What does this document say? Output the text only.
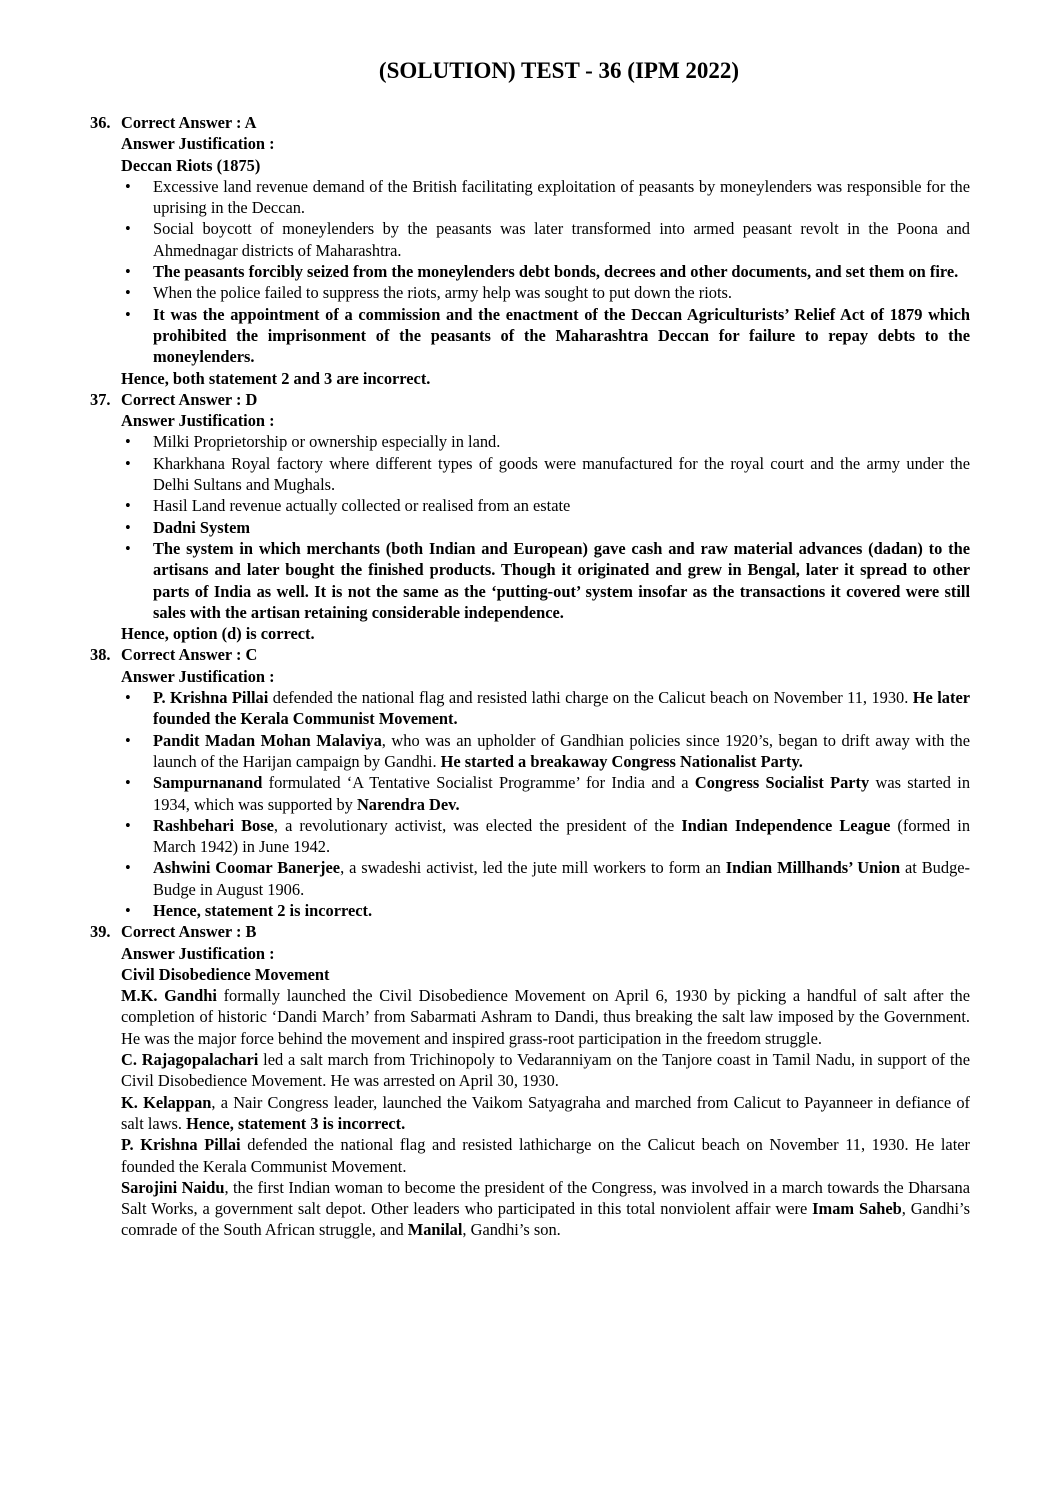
(SOLUTION) TEST - 36 (IPM 2022)
36. Correct Answer : A
Answer Justification :
Deccan Riots (1875)
• Excessive land revenue demand of the British facilitating exploitation of peasants by moneylenders was responsible for the uprising in the Deccan.
• Social boycott of moneylenders by the peasants was later transformed into armed peasant revolt in the Poona and Ahmednagar districts of Maharashtra.
• The peasants forcibly seized from the moneylenders debt bonds, decrees and other documents, and set them on fire.
• When the police failed to suppress the riots, army help was sought to put down the riots.
• It was the appointment of a commission and the enactment of the Deccan Agriculturists’ Relief Act of 1879 which prohibited the imprisonment of the peasants of the Maharashtra Deccan for failure to repay debts to the moneylenders.
Hence, both statement 2 and 3 are incorrect.
37. Correct Answer : D
Answer Justification :
• Milki Proprietorship or ownership especially in land.
• Kharkhana Royal factory where different types of goods were manufactured for the royal court and the army under the Delhi Sultans and Mughals.
• Hasil Land revenue actually collected or realised from an estate
• Dadni System
• The system in which merchants (both Indian and European) gave cash and raw material advances (dadan) to the artisans and later bought the finished products. Though it originated and grew in Bengal, later it spread to other parts of India as well. It is not the same as the ‘putting-out’ system insofar as the transactions it covered were still sales with the artisan retaining considerable independence.
Hence, option (d) is correct.
38. Correct Answer : C
Answer Justification :
• P. Krishna Pillai defended the national flag and resisted lathi charge on the Calicut beach on November 11, 1930. He later founded the Kerala Communist Movement.
• Pandit Madan Mohan Malaviya, who was an upholder of Gandhian policies since 1920’s, began to drift away with the launch of the Harijan campaign by Gandhi. He started a breakaway Congress Nationalist Party.
• Sampurnanand formulated ‘A Tentative Socialist Programme’ for India and a Congress Socialist Party was started in 1934, which was supported by Narendra Dev.
• Rashbehari Bose, a revolutionary activist, was elected the president of the Indian Independence League (formed in March 1942) in June 1942.
• Ashwini Coomar Banerjee, a swadeshi activist, led the jute mill workers to form an Indian Millhands’ Union at Budge-Budge in August 1906.
• Hence, statement 2 is incorrect.
39. Correct Answer : B
Answer Justification :
Civil Disobedience Movement
M.K. Gandhi formally launched the Civil Disobedience Movement on April 6, 1930 by picking a handful of salt after the completion of historic ‘Dandi March’ from Sabarmati Ashram to Dandi, thus breaking the salt law imposed by the Government. He was the major force behind the movement and inspired grass-root participation in the freedom struggle.
C. Rajagopalachari led a salt march from Trichinopoly to Vedaranniyam on the Tanjore coast in Tamil Nadu, in support of the Civil Disobedience Movement. He was arrested on April 30, 1930.
K. Kelappan, a Nair Congress leader, launched the Vaikom Satyagraha and marched from Calicut to Payanneer in defiance of salt laws. Hence, statement 3 is incorrect.
P. Krishna Pillai defended the national flag and resisted lathicharge on the Calicut beach on November 11, 1930. He later founded the Kerala Communist Movement.
Sarojini Naidu, the first Indian woman to become the president of the Congress, was involved in a march towards the Dharsana Salt Works, a government salt depot. Other leaders who participated in this total nonviolent affair were Imam Saheb, Gandhi’s comrade of the South African struggle, and Manilal, Gandhi’s son.
